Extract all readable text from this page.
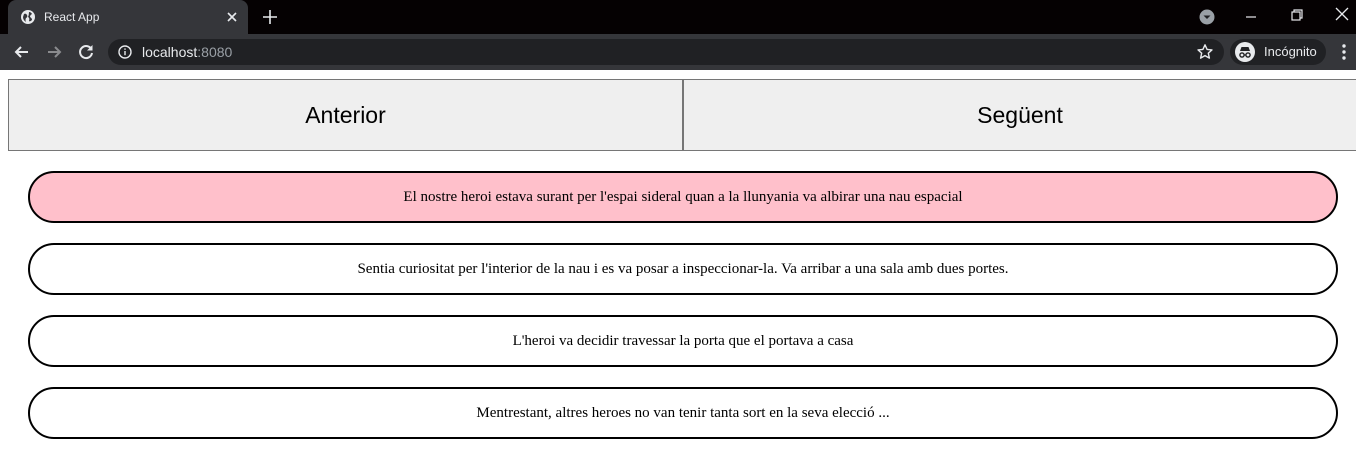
React App
localhost:8080	Incógnito
Anterior	Següent
El nostre heroi estava surant per l'espai sideral quan a la llunyania va albirar una nau espacial
Sentia curiositat per l'interior de la nau i es va posar a inspeccionar-la. Va arribar a una sala amb dues portes.
L'heroi va decidir travessar la porta que el portava a casa
Mentrestant, altres heroes no van tenir tanta sort en la seva elecció ...
